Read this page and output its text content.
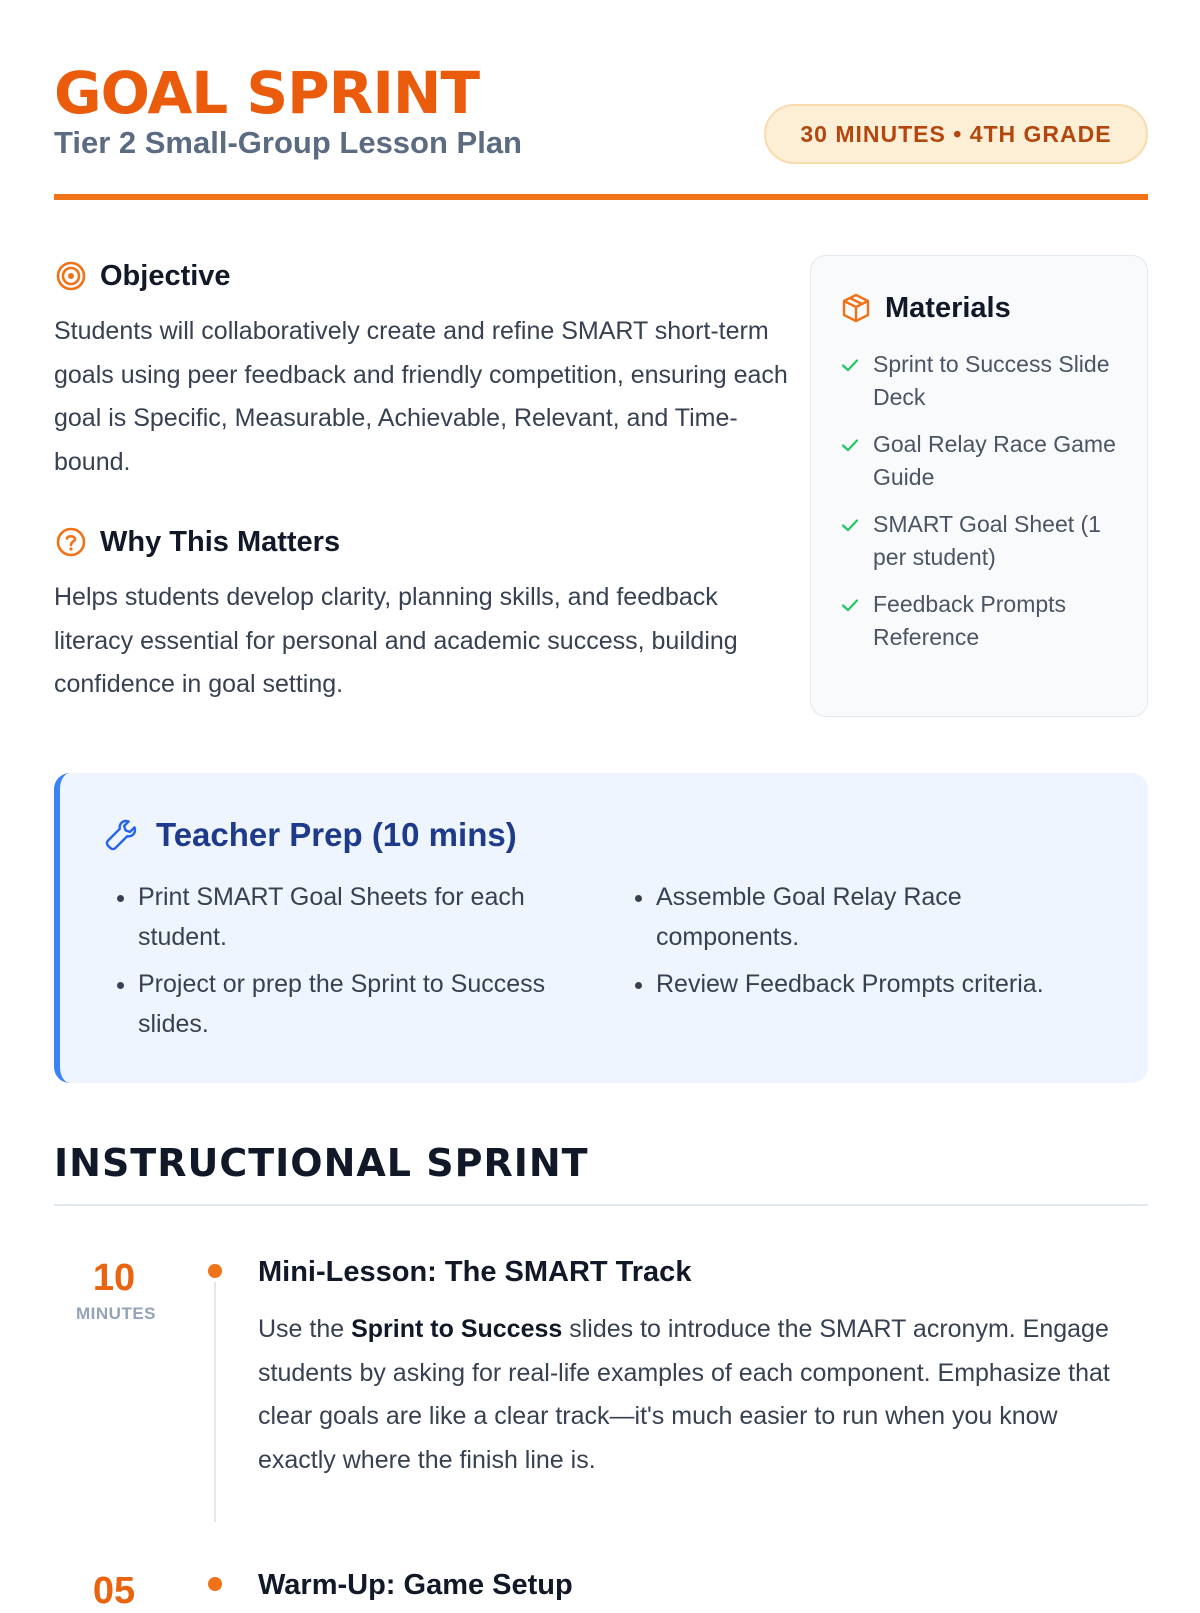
GOAL SPRINT
Tier 2 Small-Group Lesson Plan	30 MINUTES • 4TH GRADE
Objective

Students will collaboratively create and refine SMART short-term goals using peer feedback and friendly competition, ensuring each goal is Specific, Measurable, Achievable, Relevant, and Time-bound.

Why This Matters

Helps students develop clarity, planning skills, and feedback literacy essential for personal and academic success, building confidence in goal setting.

Materials
Sprint to Success Slide Deck
Goal Relay Race Game Guide
SMART Goal Sheet (1 per student)
Feedback Prompts Reference
Teacher Prep (10 mins)
• Print SMART Goal Sheets for each student.
• Project or prep the Sprint to Success slides.
• Assemble Goal Relay Race components.
• Review Feedback Prompts criteria.
INSTRUCTIONAL SPRINT
10
MINUTES
Mini-Lesson: The SMART Track

Use the Sprint to Success slides to introduce the SMART acronym. Engage students by asking for real-life examples of each component. Emphasize that clear goals are like a clear track—it's much easier to run when you know exactly where the finish line is.

05	Warm-Up: Game Setup
